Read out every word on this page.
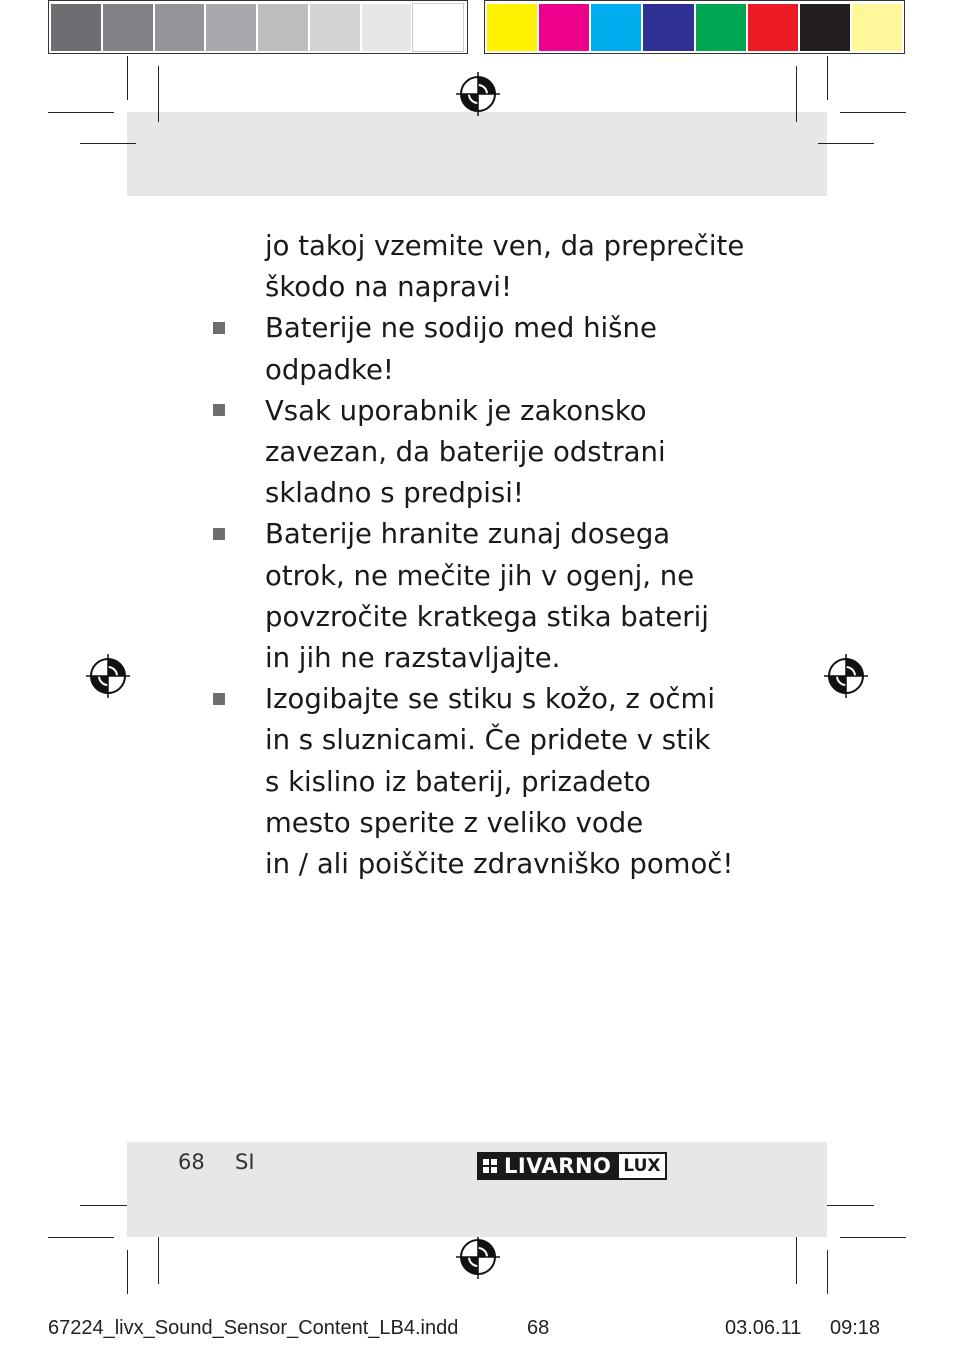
jo takoj vzemite ven, da preprečite
škodo na napravi!
Baterije ne sodijo med hišne
odpadke!
Vsak uporabnik je zakonsko
zavezan, da baterije odstrani
skladno s predpisi!
Baterije hranite zunaj dosega
otrok, ne mečite jih v ogenj, ne
povzročite kratkega stika baterij
in jih ne razstavljajte.
Izogibajte se stiku s kožo, z očmi
in s sluznicami. Če pridete v stik
s kislino iz baterij, prizadeto
mesto sperite z veliko vode
in / ali poiščite zdravniško pomoč!
68 SI	LIVARNO LUX
67224_livx_Sound_Sensor_Content_LB4.indd	68	03.06.11 09:18
